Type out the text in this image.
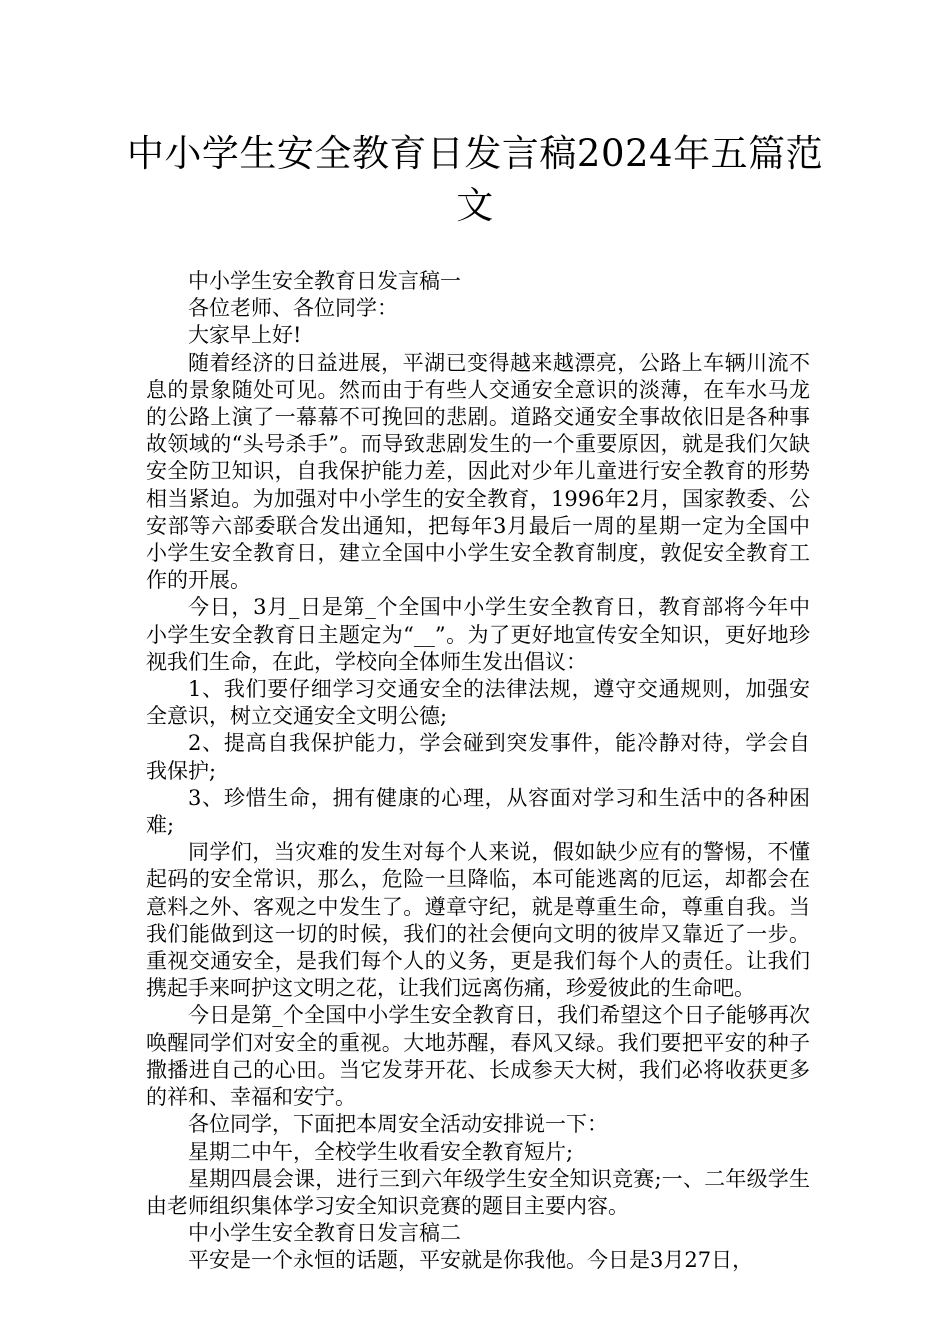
中小学生安全教育日发言稿2024年五篇范文

中小学生安全教育日发言稿一

各位老师、各位同学：

大家早上好!

随着经济的日益进展，平湖已变得越来越漂亮，公路上车辆川流不息的景象随处可见。然而由于有些人交通安全意识的淡薄，在车水马龙的公路上演了一幕幕不可挽回的悲剧。道路交通安全事故依旧是各种事故领域的“头号杀手”。而导致悲剧发生的一个重要原因，就是我们欠缺安全防卫知识，自我保护能力差，因此对少年儿童进行安全教育的形势相当紧迫。为加强对中小学生的安全教育，1996年2月，国家教委、公安部等六部委联合发出通知，把每年3月最后一周的星期一定为全国中小学生安全教育日，建立全国中小学生安全教育制度，敦促安全教育工作的开展。

今日，3月_日是第_个全国中小学生安全教育日，教育部将今年中小学生安全教育日主题定为“__”。为了更好地宣传安全知识，更好地珍视我们生命，在此，学校向全体师生发出倡议：

1、我们要仔细学习交通安全的法律法规，遵守交通规则，加强安全意识，树立交通安全文明公德;

2、提高自我保护能力，学会碰到突发事件，能冷静对待，学会自我保护;

3、珍惜生命，拥有健康的心理，从容面对学习和生活中的各种困难;

同学们，当灾难的发生对每个人来说，假如缺少应有的警惕，不懂起码的安全常识，那么，危险一旦降临，本可能逃离的厄运，却都会在意料之外、客观之中发生了。遵章守纪，就是尊重生命，尊重自我。当我们能做到这一切的时候，我们的社会便向文明的彼岸又靠近了一步。重视交通安全，是我们每个人的义务，更是我们每个人的责任。让我们携起手来呵护这文明之花，让我们远离伤痛，珍爱彼此的生命吧。

今日是第_个全国中小学生安全教育日，我们希望这个日子能够再次唤醒同学们对安全的重视。大地苏醒，春风又绿。我们要把平安的种子撒播进自己的心田。当它发芽开花、长成参天大树，我们必将收获更多的祥和、幸福和安宁。

各位同学，下面把本周安全活动安排说一下：

星期二中午，全校学生收看安全教育短片;

星期四晨会课，进行三到六年级学生安全知识竞赛;一、二年级学生由老师组织集体学习安全知识竞赛的题目主要内容。

中小学生安全教育日发言稿二

平安是一个永恒的话题，平安就是你我他。今日是3月27日，
